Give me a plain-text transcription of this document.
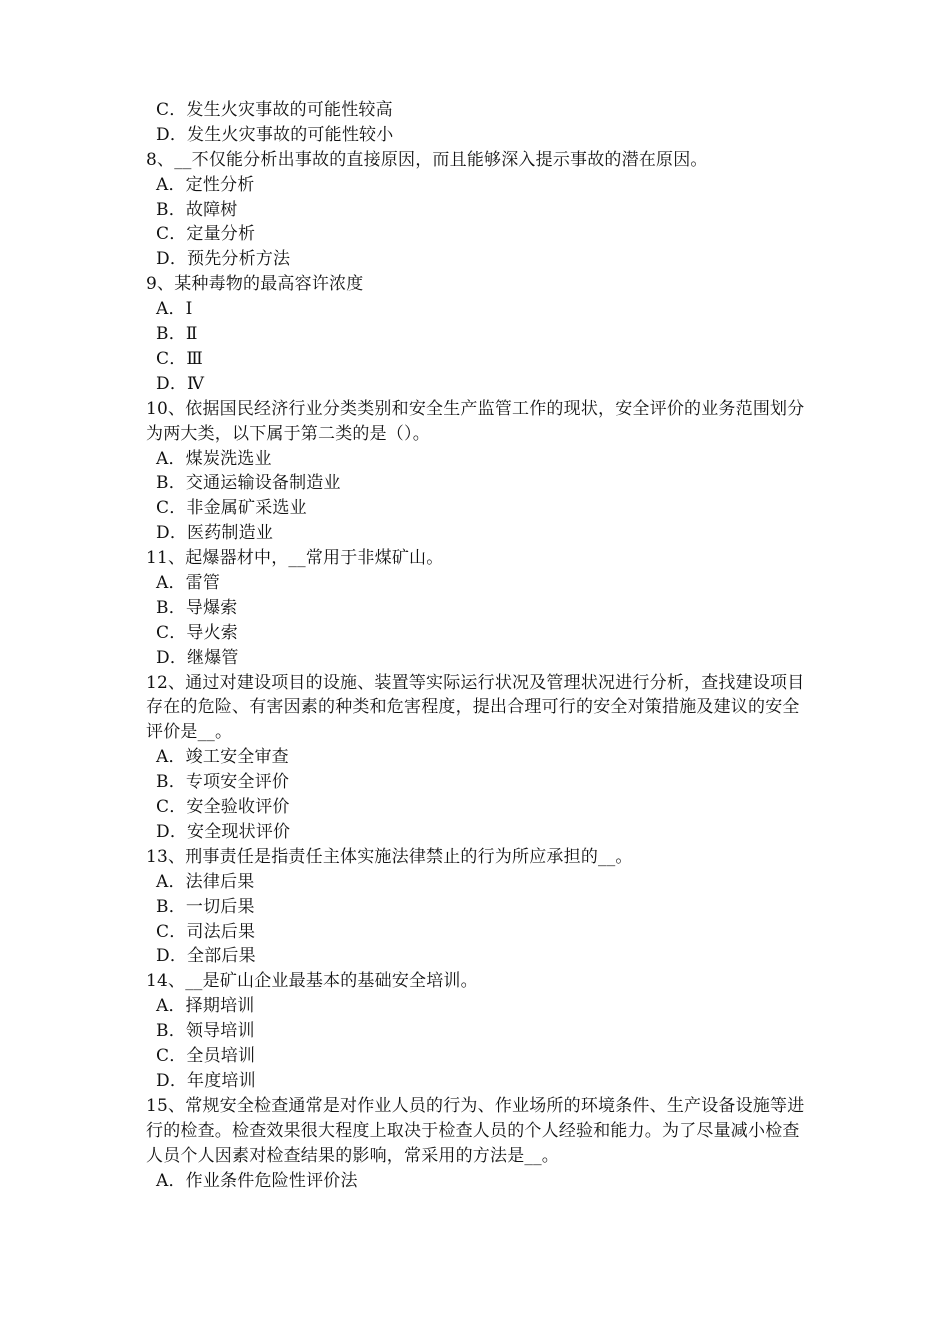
C．发生火灾事故的可能性较高
D．发生火灾事故的可能性较小
8、__不仅能分析出事故的直接原因，而且能够深入提示事故的潜在原因。
A．定性分析
B．故障树
C．定量分析
D．预先分析方法
9、某种毒物的最高容许浓度
A．Ⅰ
B．Ⅱ
C．Ⅲ
D．Ⅳ
10、依据国民经济行业分类类别和安全生产监管工作的现状，安全评价的业务范围划分为两大类，以下属于第二类的是（）。
A．煤炭洗选业
B．交通运输设备制造业
C．非金属矿采选业
D．医药制造业
11、起爆器材中，__常用于非煤矿山。
A．雷管
B．导爆索
C．导火索
D．继爆管
12、通过对建设项目的设施、装置等实际运行状况及管理状况进行分析，查找建设项目存在的危险、有害因素的种类和危害程度，提出合理可行的安全对策措施及建议的安全评价是__。
A．竣工安全审查
B．专项安全评价
C．安全验收评价
D．安全现状评价
13、刑事责任是指责任主体实施法律禁止的行为所应承担的__。
A．法律后果
B．一切后果
C．司法后果
D．全部后果
14、__是矿山企业最基本的基础安全培训。
A．择期培训
B．领导培训
C．全员培训
D．年度培训
15、常规安全检查通常是对作业人员的行为、作业场所的环境条件、生产设备设施等进行的检查。检查效果很大程度上取决于检查人员的个人经验和能力。为了尽量减小检查人员个人因素对检查结果的影响，常采用的方法是__。
A．作业条件危险性评价法
